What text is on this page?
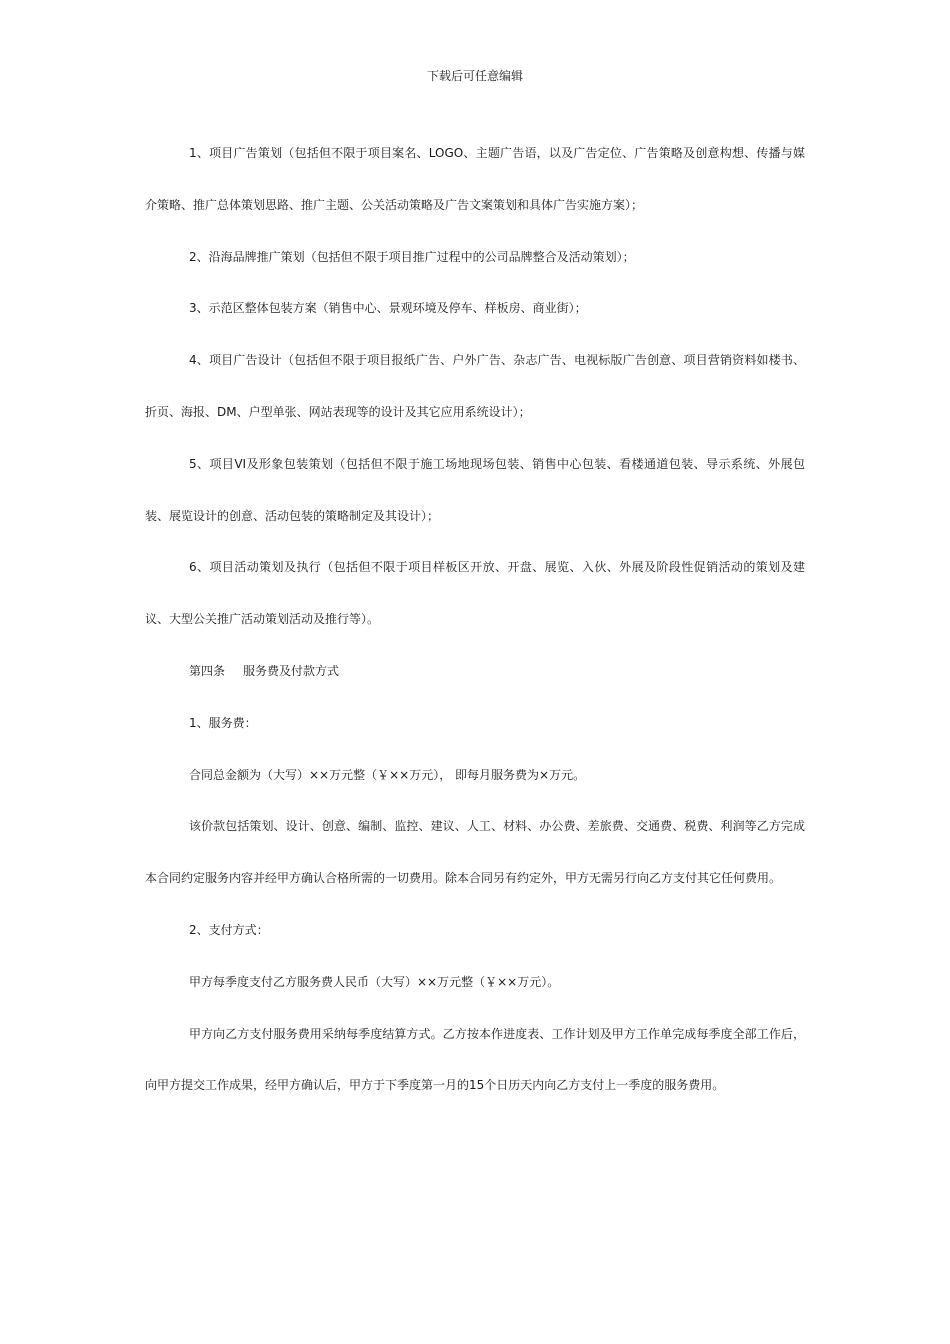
下载后可任意编辑

1、项目广告策划（包括但不限于项目案名、LOGO、主题广告语，以及广告定位、广告策略及创意构想、传播与媒介策略、推广总体策划思路、推广主题、公关活动策略及广告文案策划和具体广告实施方案）；

2、沿海品牌推广策划（包括但不限于项目推广过程中的公司品牌整合及活动策划）；

3、示范区整体包装方案（销售中心、景观环境及停车、样板房、商业街）；

4、项目广告设计（包括但不限于项目报纸广告、户外广告、杂志广告、电视标版广告创意、项目营销资料如楼书、折页、海报、DM、户型单张、网站表现等的设计及其它应用系统设计）；

5、项目VI及形象包装策划（包括但不限于施工场地现场包装、销售中心包装、看楼通道包装、导示系统、外展包装、展览设计的创意、活动包装的策略制定及其设计）；

6、项目活动策划及执行（包括但不限于项目样板区开放、开盘、展览、入伙、外展及阶段性促销活动的策划及建议、大型公关推广活动策划活动及推行等）。

第四条 服务费及付款方式

1、服务费：

合同总金额为（大写）××万元整（￥××万元）， 即每月服务费为×万元。

该价款包括策划、设计、创意、编制、监控、建议、人工、材料、办公费、差旅费、交通费、税费、利润等乙方完成本合同约定服务内容并经甲方确认合格所需的一切费用。除本合同另有约定外，甲方无需另行向乙方支付其它任何费用。

2、支付方式：

甲方每季度支付乙方服务费人民币（大写）××万元整（￥××万元）。

甲方向乙方支付服务费用采纳每季度结算方式。乙方按本作进度表、工作计划及甲方工作单完成每季度全部工作后，向甲方提交工作成果，经甲方确认后，甲方于下季度第一月的15个日历天内向乙方支付上一季度的服务费用。
